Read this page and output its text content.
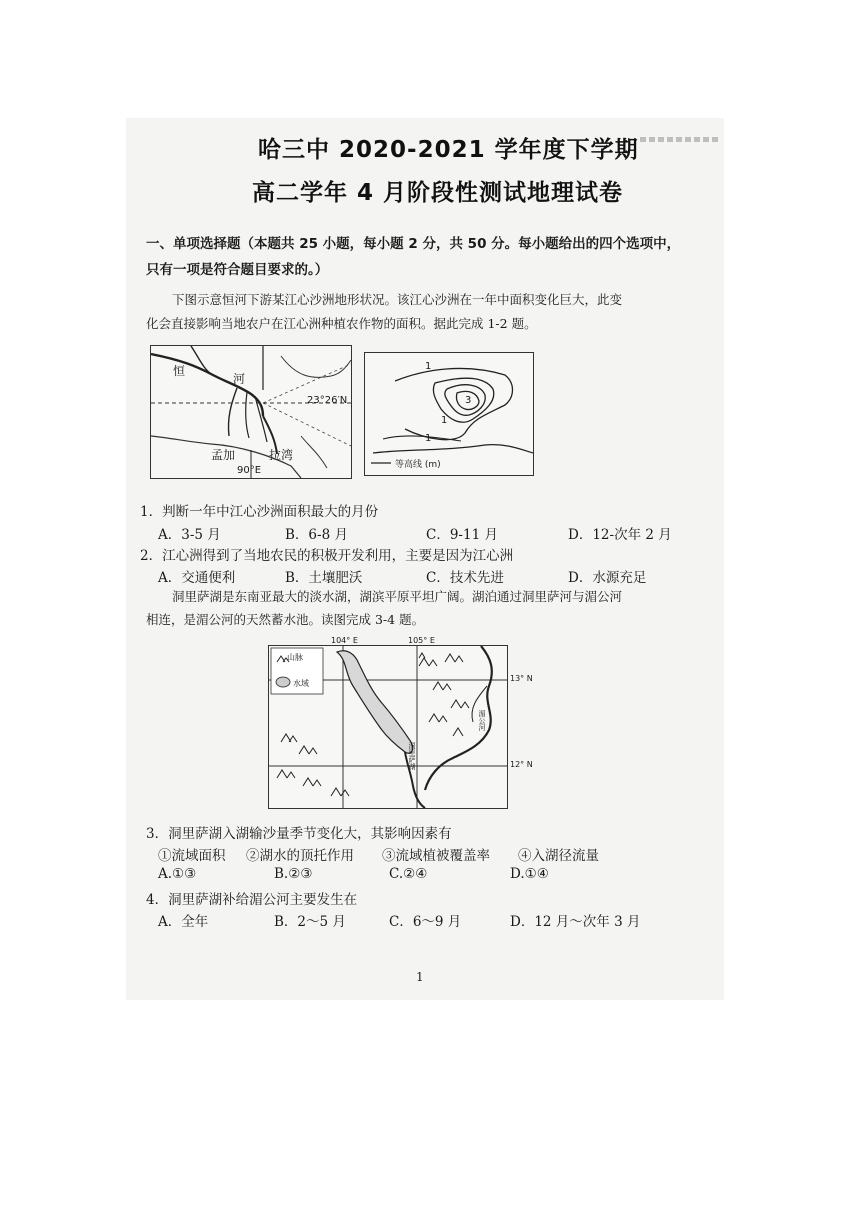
哈三中 2020-2021 学年度下学期
高二学年 4 月阶段性测试地理试卷
一、单项选择题（本题共 25 小题，每小题 2 分，共 50 分。每小题给出的四个选项中，
只有一项是符合题目要求的。）
下图示意恒河下游某江心沙洲地形状况。该江心沙洲在一年中面积变化巨大，此变
化会直接影响当地农户在江心洲种植农作物的面积。据此完成 1-2 题。
恒
河
23°26′N
孟加	拉湾
90°E
1
1
1
3
等高线 (m)
1．判断一年中江心沙洲面积最大的月份
A．3-5 月	B．6-8 月	C．9-11 月	D．12-次年 2 月
2．江心洲得到了当地农民的积极开发利用，主要是因为江心洲
A．交通便利	B．土壤肥沃	C．技术先进	D．水源充足
洞里萨湖是东南亚最大的淡水湖，湖滨平原平坦广阔。湖泊通过洞里萨河与湄公河
相连，是湄公河的天然蓄水池。读图完成 3-4 题。
104° E	105° E
山脉
水域
洞里萨湖
湄公河
13° N
12° N
3．洞里萨湖入湖输沙量季节变化大，其影响因素有
①流域面积 ②湖水的顶托作用 ③流域植被覆盖率 ④入湖径流量
A.①③	B.②③	C.②④	D.①④
4．洞里萨湖补给湄公河主要发生在
A．全年	B．2～5 月	C．6～9 月	D．12 月～次年 3 月
1
